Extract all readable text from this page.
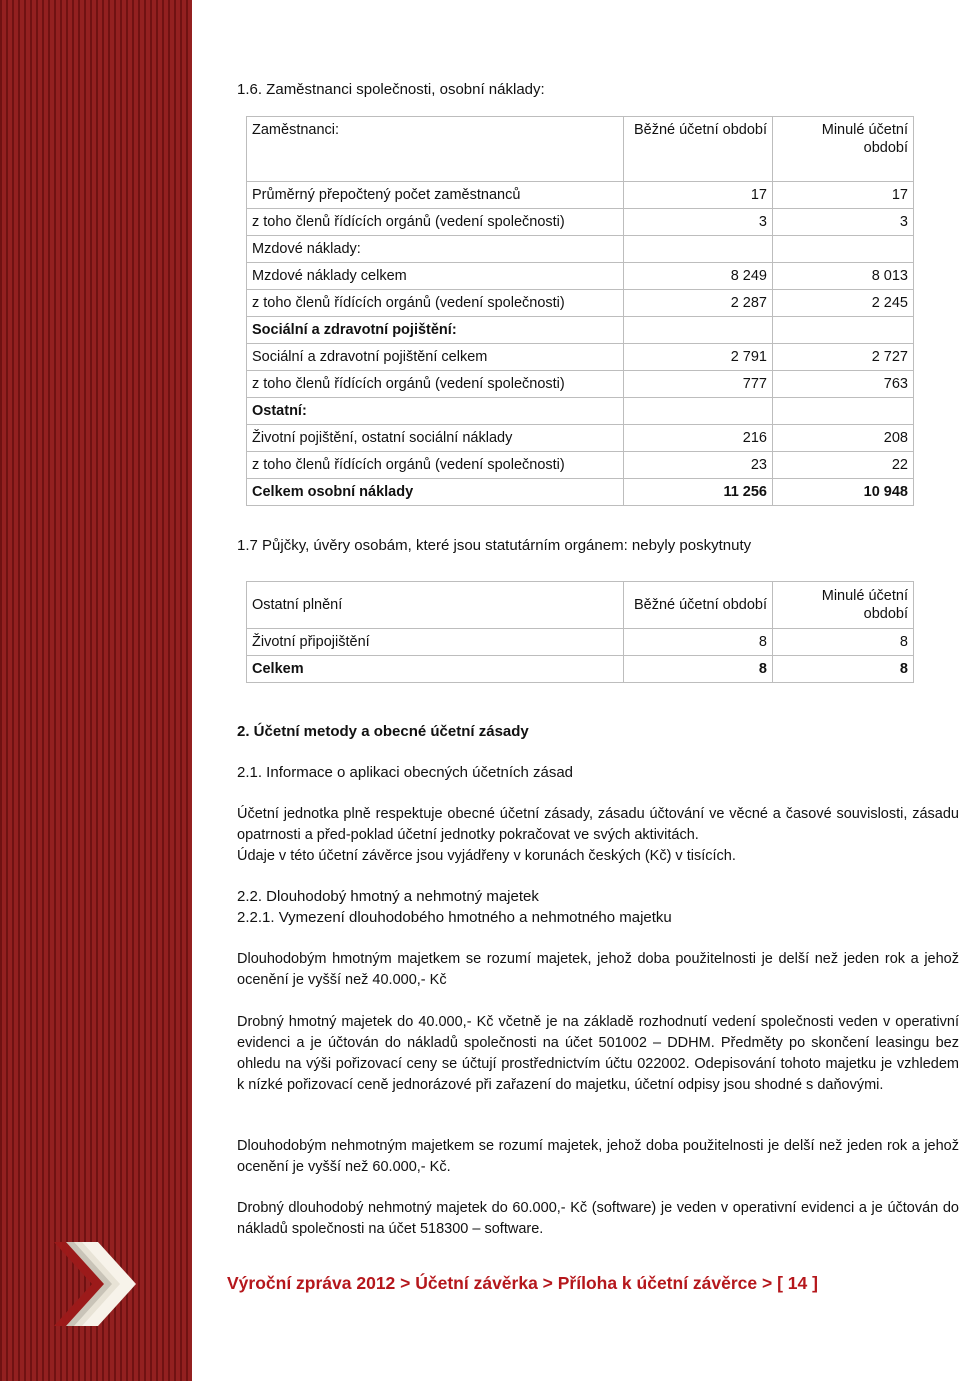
1.6. Zaměstnanci společnosti, osobní náklady:
Zaměstnanci:	Běžné účetní období	Minulé účetní období
Průměrný přepočtený počet zaměstnanců	17	17
z toho členů řídících orgánů (vedení společnosti)	3	3
Mzdové náklady:		
Mzdové náklady celkem	8 249	8 013
z toho členů řídících orgánů (vedení společnosti)	2 287	2 245
Sociální a zdravotní pojištění:		
Sociální a zdravotní pojištění celkem	2 791	2 727
z toho členů řídících orgánů (vedení společnosti)	777	763
Ostatní:		
Životní pojištění, ostatní sociální náklady	216	208
z toho členů řídících orgánů (vedení společnosti)	23	22
Celkem osobní náklady	11 256	10 948
1.7 Půjčky, úvěry osobám, které jsou statutárním orgánem: nebyly poskytnuty
Ostatní plnění	Běžné účetní období	Minulé účetní období
Životní připojištění	8	8
Celkem	8	8
2. Účetní metody a obecné účetní zásady
2.1. Informace o aplikaci obecných účetních zásad
Účetní jednotka plně respektuje obecné účetní zásady, zásadu účtování ve věcné a časové souvislosti, zásadu opatrnosti a před-poklad účetní jednotky pokračovat ve svých aktivitách.
Údaje v této účetní závěrce jsou vyjádřeny v korunách českých (Kč) v tisících.
2.2. Dlouhodobý hmotný a nehmotný majetek
2.2.1. Vymezení dlouhodobého hmotného a nehmotného majetku
Dlouhodobým hmotným majetkem se rozumí majetek, jehož doba použitelnosti je delší než jeden rok a jehož ocenění je vyšší než 40.000,- Kč
Drobný hmotný majetek do 40.000,- Kč včetně je na základě rozhodnutí vedení společnosti veden v operativní evidenci a je účtován do nákladů společnosti na účet 501002 – DDHM. Předměty po skončení leasingu bez ohledu na výši pořizovací ceny se účtují prostřednictvím účtu 022002. Odepisování tohoto majetku je vzhledem k nízké pořizovací ceně jednorázové při zařazení do majetku, účetní odpisy jsou shodné s daňovými.
Dlouhodobým nehmotným majetkem se rozumí majetek, jehož doba použitelnosti je delší než jeden rok a jehož ocenění je vyšší než 60.000,- Kč.
Drobný dlouhodobý nehmotný majetek do 60.000,- Kč (software) je veden v operativní evidenci a je účtován do nákladů společnosti na účet 518300 – software.
Výroční zpráva 2012 > Účetní závěrka > Příloha k účetní závěrce > [ 14 ]
